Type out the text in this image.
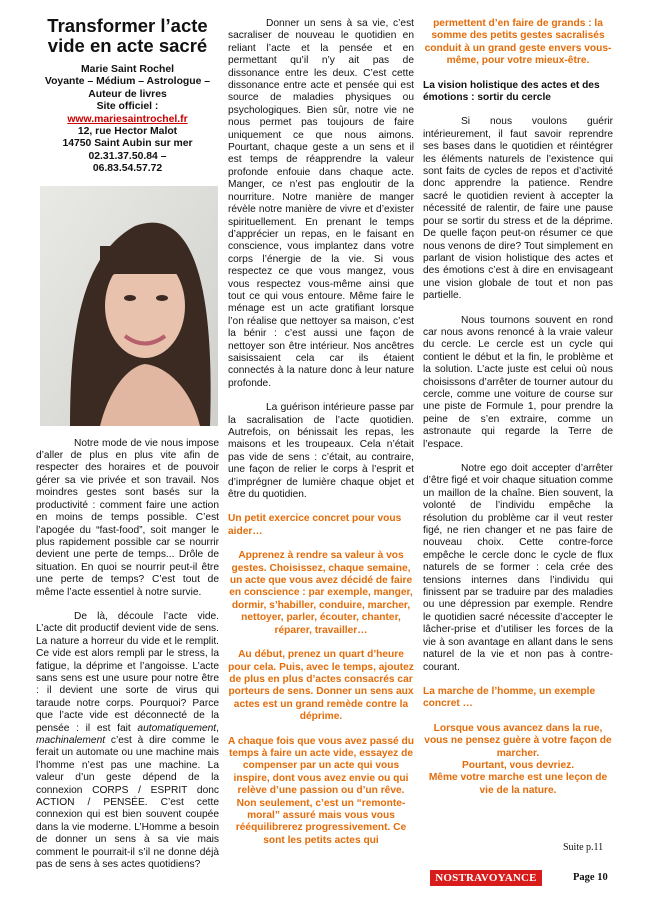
Transformer l’acte vide en acte sacré
Marie Saint Rochel
Voyante – Médium – Astrologue – Auteur de livres
Site officiel :
www.mariesaintrochel.fr
12, rue Hector Malot
14750 Saint Aubin sur mer
02.31.37.50.84 –
06.83.54.57.72

Notre mode de vie nous impose d’aller de plus en plus vite afin de respecter des horaires et de pouvoir gérer sa vie privée et son travail. Nos moindres gestes sont basés sur la productivité : comment faire une action en moins de temps possible. C’est l’apogée du “fast-food”, soit manger le plus rapidement possible car se nourrir devient une perte de temps... Drôle de situation. En quoi se nourrir peut-il être une perte de temps? C’est tout de même l’acte essentiel à notre survie.

De là, découle l’acte vide. L’acte dit productif devient vide de sens. La nature a horreur du vide et le remplit. Ce vide est alors rempli par le stress, la fatigue, la déprime et l’angoisse. L’acte sans sens est une usure pour notre être : il devient une sorte de virus qui taraude notre corps. Pourquoi? Parce que l’acte vide est déconnecté de la pensée : il est fait automatiquement, machinalement c’est à dire comme le ferait un automate ou une machine mais l’homme n’est pas une machine. La valeur d’un geste dépend de la connexion CORPS / ESPRIT donc ACTION / PENSÉE. C’est cette connexion qui est bien souvent coupée dans la vie moderne. L’Homme a besoin de donner un sens à sa vie mais comment le pourrait-il s’il ne donne déjà pas de sens à ses actes quotidiens?

permettent d’en faire de grands : la somme des petits gestes sacralisés conduit à un grand geste envers vous-même, pour votre mieux-être.

La vision holistique des actes et des émotions : sortir du cercle

Si nous voulons guérir intérieurement, il faut savoir reprendre ses bases dans le quotidien et réintégrer les éléments naturels de l’existence qui sont faits de cycles de repos et d’activité donc apprendre la patience. Rendre sacré le quotidien revient à accepter la nécessité de ralentir, de faire une pause pour se sortir du stress et de la déprime. De quelle façon peut-on résumer ce que nous venons de dire? Tout simplement en parlant de vision holistique des actes et des émotions c’est à dire en envisageant une vision globale de tout et non pas partielle.

Nous tournons souvent en rond car nous avons renoncé à la vraie valeur du cercle. Le cercle est un cycle qui contient le début et la fin, le problème et la solution. L’acte juste est celui où nous choisissons d’arrêter de tourner autour du cercle, comme une voiture de course sur une piste de Formule 1, pour prendre la peine de s’en extraire, comme un astronaute qui regarde la Terre de l’espace.

Notre ego doit accepter d’arrêter d’être figé et voir chaque situation comme un maillon de la chaîne. Bien souvent, la volonté de l’individu empêche la résolution du problème car il veut rester figé, ne rien changer et ne pas faire de nouveau choix. Cette contre-force empêche le cercle donc le cycle de flux naturels de se former : cela crée des tensions internes dans l’individu qui finissent par se traduire par des maladies ou une dépression par exemple. Rendre le quotidien sacré nécessite d’accepter le lâcher-prise et d’utiliser les forces de la vie à son avantage en allant dans le sens naturel de la vie et non pas à contre-courant.

La marche de l’homme, un exemple concret …

Lorsque vous avancez dans la rue, vous ne pensez guère à votre façon de marcher.

Pourtant, vous devriez.

Même votre marche est une leçon de vie de la nature.

Donner un sens à sa vie, c’est sacraliser de nouveau le quotidien en reliant l’acte et la pensée et en permettant qu’il n’y ait pas de dissonance entre les deux. C’est cette dissonance entre acte et pensée qui est source de maladies physiques ou psychologiques. Bien sûr, notre vie ne nous permet pas toujours de faire uniquement ce que nous aimons. Pourtant, chaque geste a un sens et il est temps de réapprendre la valeur profonde enfouie dans chaque acte. Manger, ce n’est pas engloutir de la nourriture. Notre manière de manger révèle notre manière de vivre et d’exister spirituellement. En prenant le temps d’apprécier un repas, en le faisant en conscience, vous implantez dans votre corps l’énergie de la vie. Si vous respectez ce que vous mangez, vous vous respectez vous-même ainsi que tout ce qui vous entoure. Même faire le ménage est un acte gratifiant lorsque l’on réalise que nettoyer sa maison, c’est la bénir : c’est aussi une façon de nettoyer son être intérieur. Nos ancêtres saisissaient cela car ils étaient connectés à la nature donc à leur nature profonde.

La guérison intérieure passe par la sacralisation de l’acte quotidien. Autrefois, on bénissait les repas, les maisons et les troupeaux. Cela n’était pas vide de sens : c’était, au contraire, une façon de relier le corps à l’esprit et d’imprégner de lumière chaque objet et être du quotidien.

Un petit exercice concret pour vous aider…

Apprenez à rendre sa valeur à vos gestes. Choisissez, chaque semaine, un acte que vous avez décidé de faire en conscience : par exemple, manger, dormir, s’habiller, conduire, marcher, nettoyer, parler, écouter, chanter, réparer, travailler…

Au début, prenez un quart d’heure pour cela. Puis, avec le temps, ajoutez de plus en plus d’actes consacrés car porteurs de sens. Donner un sens aux actes est un grand remède contre la déprime.

A chaque fois que vous avez passé du temps à faire un acte vide, essayez de compenser par un acte qui vous inspire, dont vous avez envie ou qui relève d’une passion ou d’un rêve. Non seulement, c’est un “remonte-moral” assuré mais vous vous rééquilibrerez progressivement. Ce sont les petits actes qui

Suite p.11
NOSTRAVOYANCE	Page 10
